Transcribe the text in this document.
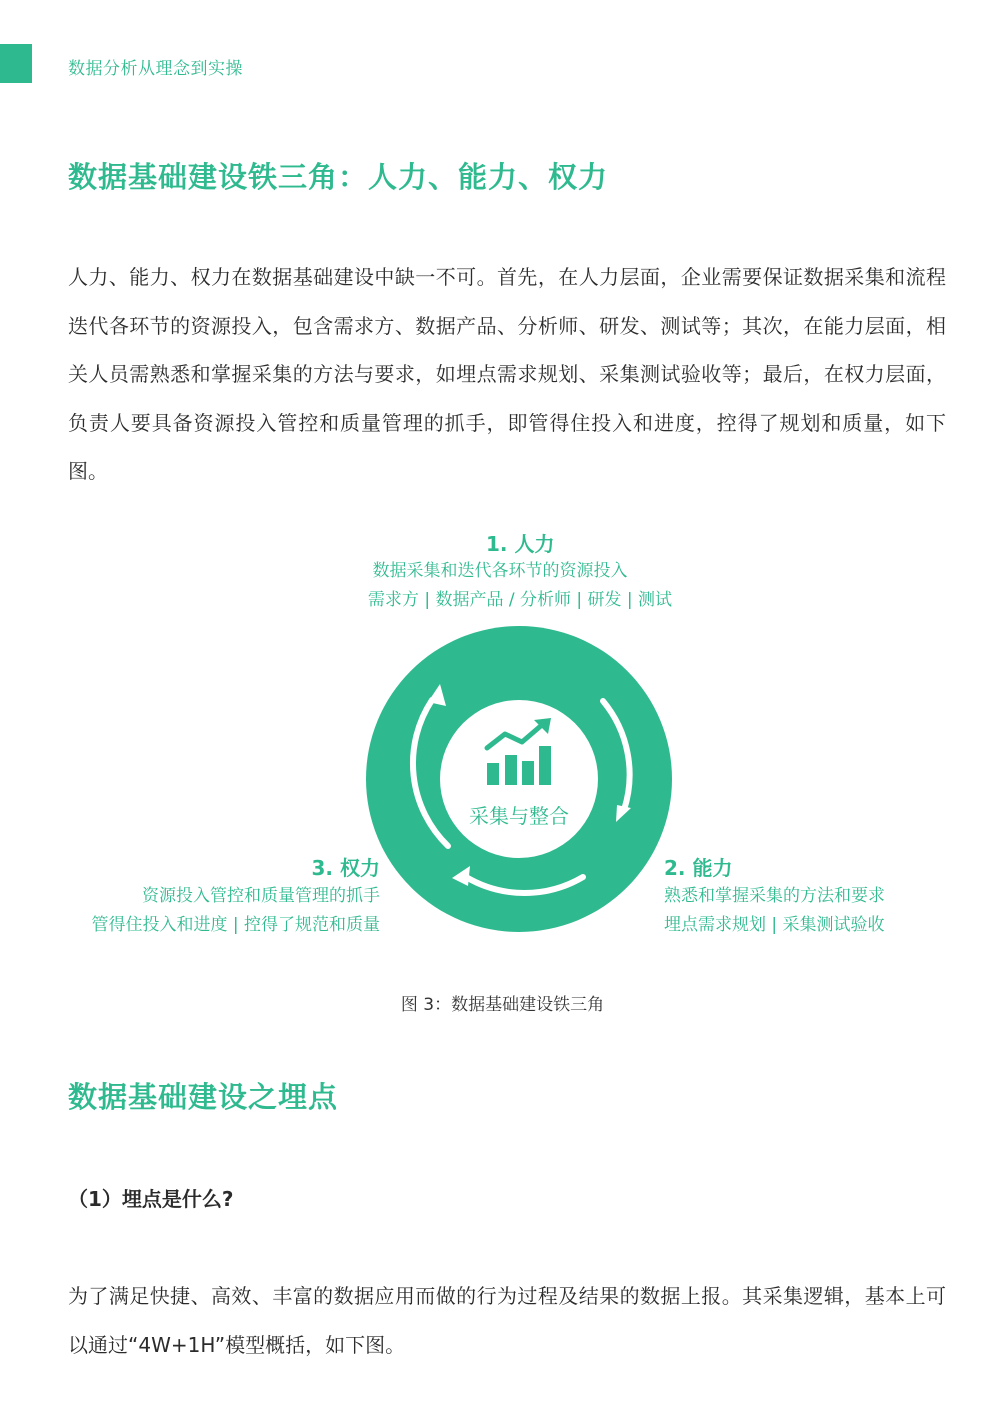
数据分析从理念到实操
数据基础建设铁三角：人力、能力、权力

人力、能力、权力在数据基础建设中缺一不可。首先，在人力层面，企业需要保证数据采集和流程迭代各环节的资源投入，包含需求方、数据产品、分析师、研发、测试等；其次，在能力层面，相关人员需熟悉和掌握采集的方法与要求，如埋点需求规划、采集测试验收等；最后，在权力层面，负责人要具备资源投入管控和质量管理的抓手，即管得住投入和进度，控得了规划和质量，如下图。

1. 人力
数据采集和迭代各环节的资源投入
需求方 | 数据产品 / 分析师 | 研发 | 测试
采集与整合
3. 权力
资源投入管控和质量管理的抓手
管得住投入和进度 | 控得了规范和质量
2. 能力
熟悉和掌握采集的方法和要求
埋点需求规划 | 采集测试验收
图 3：数据基础建设铁三角
数据基础建设之埋点
（1）埋点是什么?

为了满足快捷、高效、丰富的数据应用而做的行为过程及结果的数据上报。其采集逻辑，基本上可以通过“4W+1H”模型概括，如下图。
